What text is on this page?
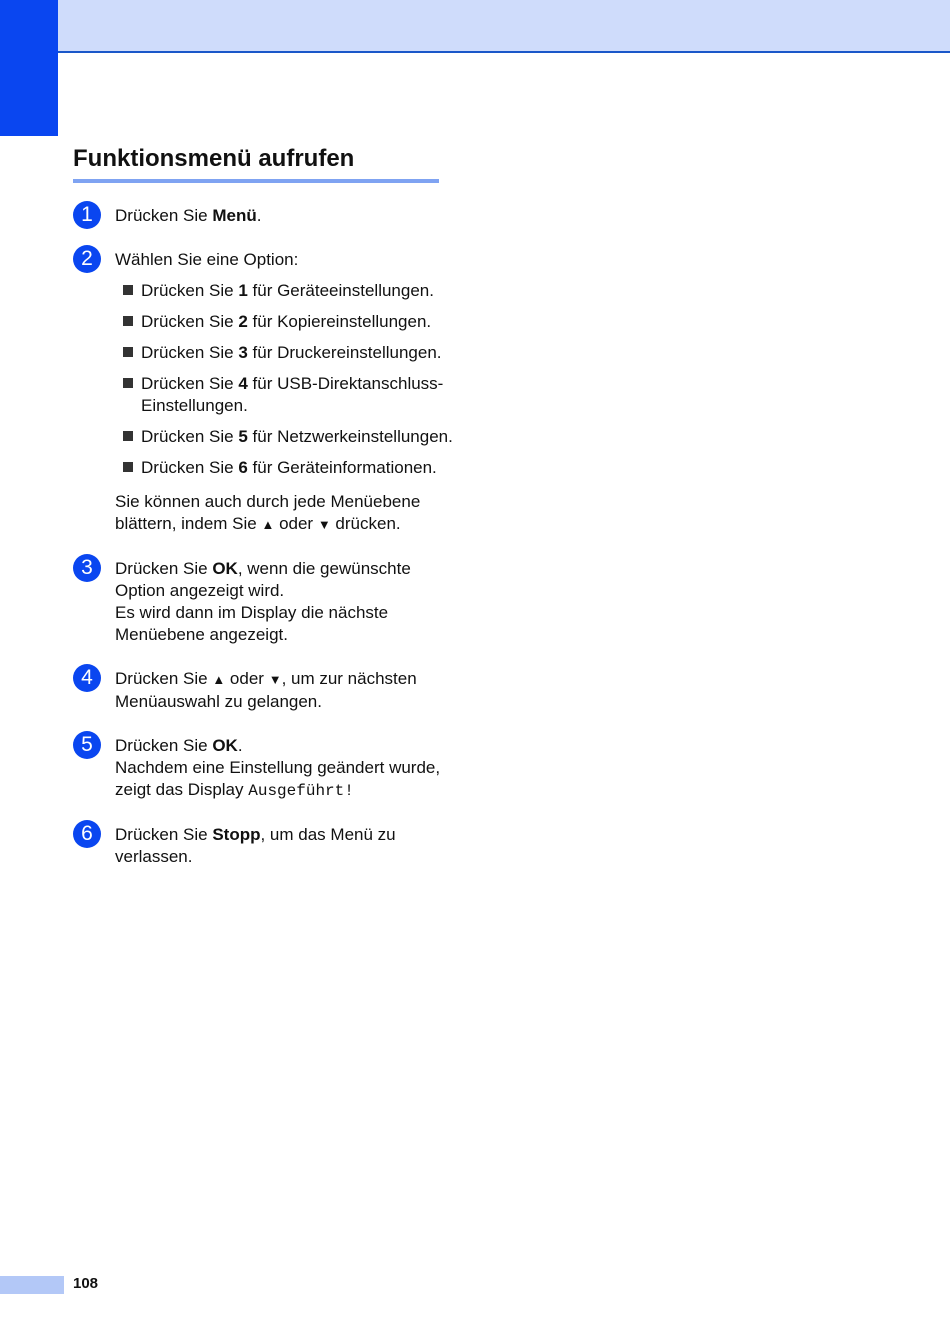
Funktionsmenü aufrufen
1	Drücken Sie Menü.
2	Wählen Sie eine Option:
Drücken Sie 1 für Geräteeinstellungen.
Drücken Sie 2 für Kopiereinstellungen.
Drücken Sie 3 für Druckereinstellungen.
Drücken Sie 4 für USB-Direktanschluss-Einstellungen.
Drücken Sie 5 für Netzwerkeinstellungen.
Drücken Sie 6 für Geräteinformationen.
Sie können auch durch jede Menüebene blättern, indem Sie ▲ oder ▼ drücken.
3	Drücken Sie OK, wenn die gewünschte Option angezeigt wird.
Es wird dann im Display die nächste Menüebene angezeigt.
4	Drücken Sie ▲ oder ▼, um zur nächsten Menüauswahl zu gelangen.
5	Drücken Sie OK.
Nachdem eine Einstellung geändert wurde, zeigt das Display Ausgeführt!
6	Drücken Sie Stopp, um das Menü zu verlassen.
108
